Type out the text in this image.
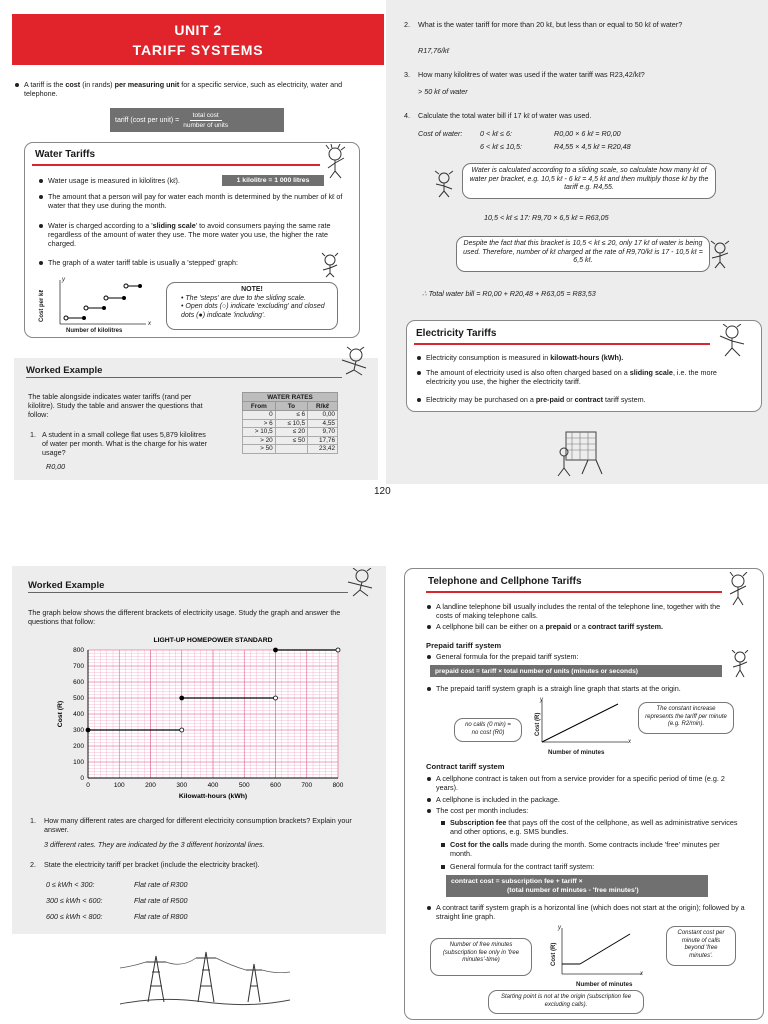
UNIT 2
TARIFF SYSTEMS
A tariff is the cost (in rands) per measuring unit for a specific service, such as electricity, water and telephone.
tariff (cost per unit) =
total cost
number of units
Water Tariffs
Water usage is measured in kilolitres (kℓ).	1 kilolitre = 1 000 litres
The amount that a person will pay for water each month is determined by the number of kℓ of water that they use during the month.
Water is charged according to a 'sliding scale' to avoid consumers paying the same rate regardless of the amount of water they use. The more water you use, the higher the rate charged.
The graph of a water tariff table is usually a 'stepped' graph:
Cost per kℓ
y
x
Number of kilolitres
NOTE!
• The 'steps' are due to the sliding scale.
• Open dots (○) indicate 'excluding' and closed dots (●) indicate 'including'.
Worked Example
The table alongside indicates water tariffs (rand per kilolitre). Study the table and answer the questions that follow:
1. A student in a small college flat uses 5,879 kilolitres of water per month. What is the charge for his water usage?
R0,00
WATER RATES		
From	To	R/kℓ
0	≤ 6	0,00
> 6	≤ 10,5	4,55
> 10,5	≤ 20	9,70
> 20	≤ 50	17,76
> 50		23,42
2. What is the water tariff for more than 20 kℓ, but less than or equal to 50 kℓ of water?
R17,76/kℓ
3. How many kilolitres of water was used if the water tariff was R23,42/kℓ?
> 50 kℓ of water
4. Calculate the total water bill if 17 kℓ of water was used.
Cost of water: 0 < kℓ ≤ 6:	R0,00 × 6 kℓ = R0,00
6 < kℓ ≤ 10,5:	R4,55 × 4,5 kℓ = R20,48
Water is calculated according to a sliding scale, so calculate how many kℓ of water per bracket, e.g. 10,5 kℓ - 6 kℓ = 4,5 kℓ and then multiply those kℓ by the tariff e.g. R4,55.
10,5 < kℓ ≤ 17: R9,70 × 6,5 kℓ = R63,05
Despite the fact that this bracket is 10,5 < kℓ ≤ 20, only 17 kℓ of water is being used. Therefore, number of kℓ charged at the rate of R9,70/kℓ is 17 - 10,5 kℓ = 6,5 kℓ.
∴ Total water bill = R0,00 + R20,48 + R63,05 = R83,53
Electricity Tariffs
Electricity consumption is measured in kilowatt-hours (kWh).
The amount of electricity used is also often charged based on a sliding scale, i.e. the more electricity you use, the higher the electricity tariff.
Electricity may be purchased on a pre-paid or contract tariff system.
120
Worked Example
The graph below shows the different brackets of electricity usage. Study the graph and answer the questions that follow:
0	100	200	300	400	500	600	700	800
0
100
200
300
400
500
600
700
800
LIGHT-UP HOMEPOWER STANDARD
Kilowatt-hours (kWh)
Cost (R)
1. How many different rates are charged for different electricity consumption brackets? Explain your answer.
3 different rates. They are indicated by the 3 different horizontal lines.
2. State the electricity tariff per bracket (include the electricity bracket).
0 ≤ kWh < 300:	Flat rate of R300
300 ≤ kWh < 600:	Flat rate of R500
600 ≤ kWh < 800:	Flat rate of R800
Telephone and Cellphone Tariffs
A landline telephone bill usually includes the rental of the telephone line, together with the costs of making telephone calls.
A cellphone bill can be either on a prepaid or a contract tariff system.
Prepaid tariff system
General formula for the prepaid tariff system:
prepaid cost = tariff × total number of units (minutes or seconds)
The prepaid tariff system graph is a straigh line graph that starts at the origin.
y
x
Cost (R)
Number of minutes
no calls (0 min) = no cost (R0)
The constant increase represents the tariff per minute (e.g. R2/min).
Contract tariff system
A cellphone contract is taken out from a service provider for a specific period of time (e.g. 2 years).
A cellphone is included in the package.
The cost per month includes:
Subscription fee that pays off the cost of the cellphone, as well as administrative services and other options, e.g. SMS bundles.
Cost for the calls made during the month. Some contracts include 'free' minutes per month.
General formula for the contract tariff system:
contract cost = subscription fee + tariff ×
(total number of minutes - 'free minutes')
A contract tariff system graph is a horizontal line (which does not start at the origin); followed by a straight line graph.
y
x
Cost (R)
Number of minutes
Number of free minutes (subscription fee only in 'free minutes'-time)
Constant cost per minute of calls beyond 'free minutes'.
Starting point is not at the origin (subscription fee excluding calls).
